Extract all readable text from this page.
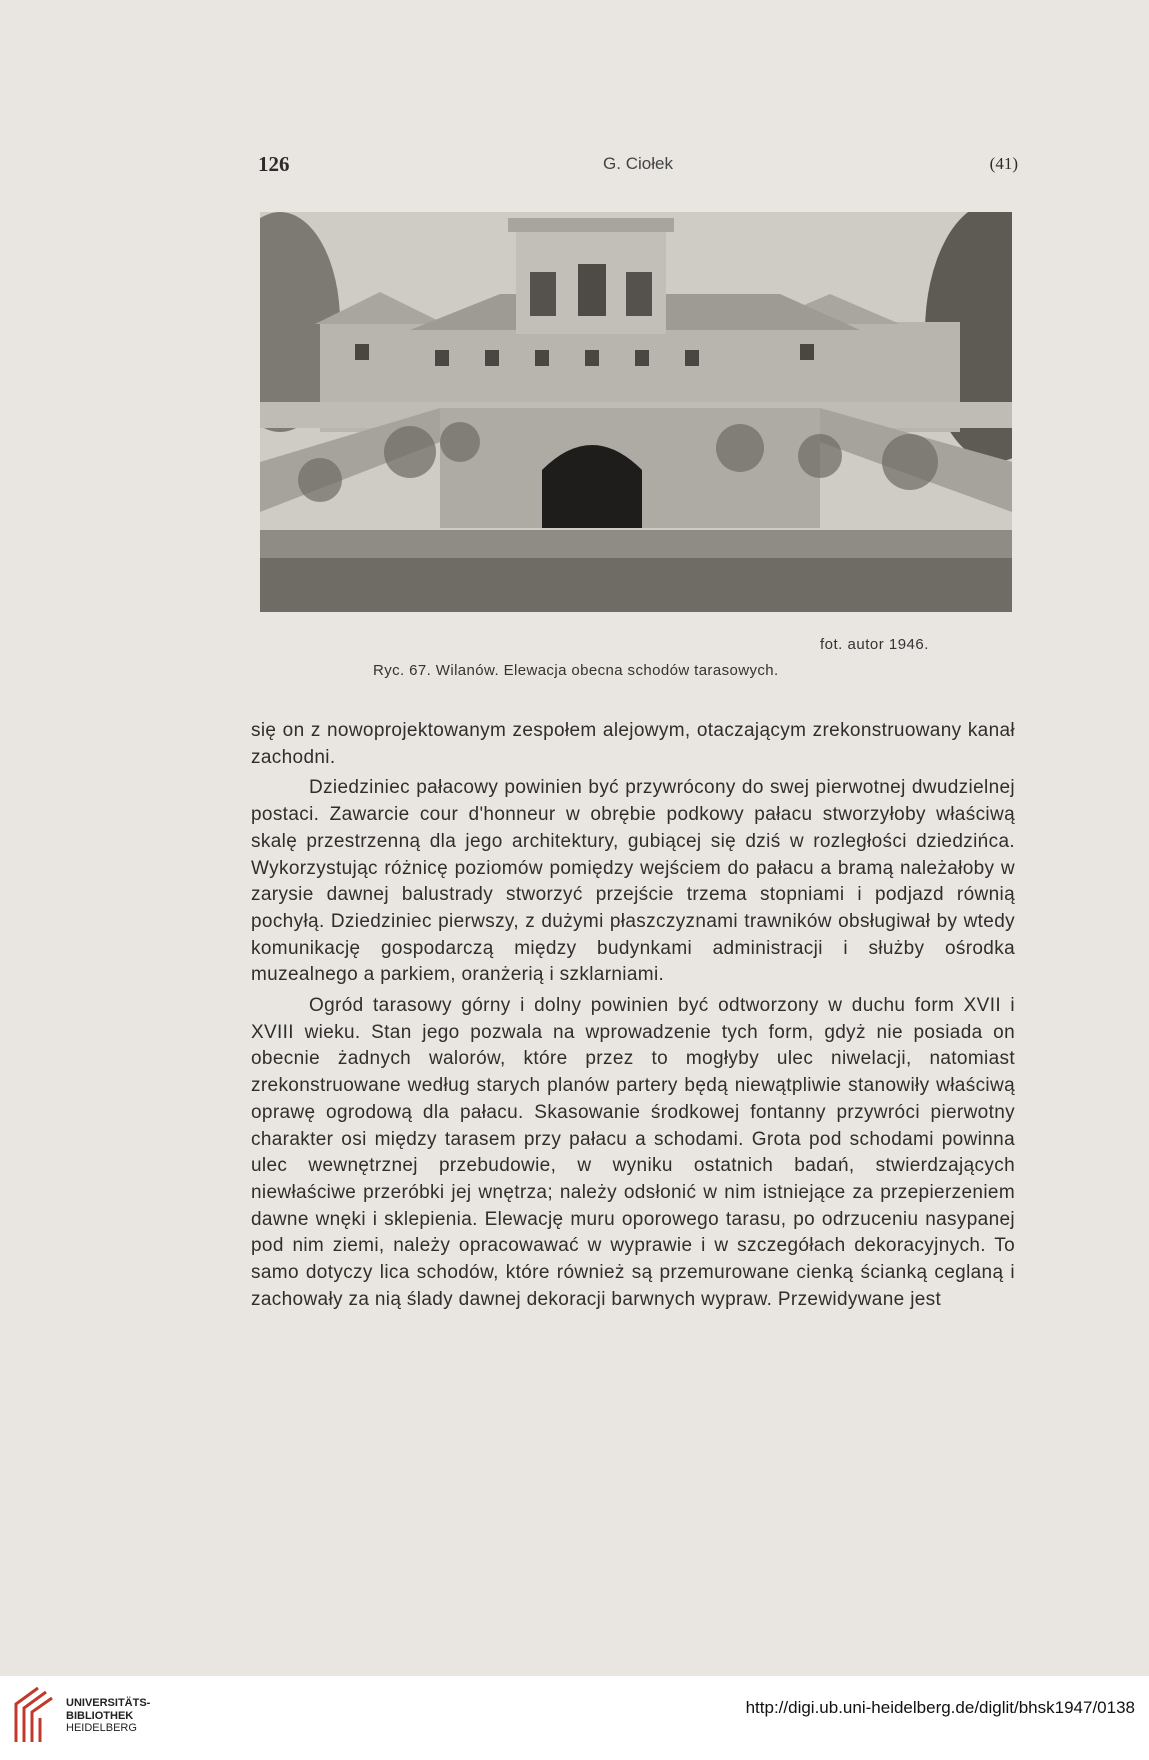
126	G. Ciołek	(41)
fot. autor 1946.
Ryc. 67. Wilanów. Elewacja obecna schodów tarasowych.

się on z nowoprojektowanym zespołem alejowym, otaczającym zrekonstruowany kanał zachodni.

Dziedziniec pałacowy powinien być przywrócony do swej pierwotnej dwudzielnej postaci. Zawarcie cour d'honneur w obrębie podkowy pałacu stworzyłoby właściwą skalę przestrzenną dla jego architektury, gubiącej się dziś w rozległości dziedzińca. Wykorzystując różnicę poziomów pomiędzy wejściem do pałacu a bramą należałoby w zarysie dawnej balustrady stworzyć przejście trzema stopniami i podjazd równią pochyłą. Dziedziniec pierwszy, z dużymi płaszczyznami trawników obsługiwał by wtedy komunikację gospodarczą między budynkami administracji i służby ośrodka muzealnego a parkiem, oranżerią i szklarniami.

Ogród tarasowy górny i dolny powinien być odtworzony w duchu form XVII i XVIII wieku. Stan jego pozwala na wprowadzenie tych form, gdyż nie posiada on obecnie żadnych walorów, które przez to mogłyby ulec niwelacji, natomiast zrekonstruowane według starych planów partery będą niewątpliwie stanowiły właściwą oprawę ogrodową dla pałacu. Skasowanie środkowej fontanny przywróci pierwotny charakter osi między tarasem przy pałacu a schodami. Grota pod schodami powinna ulec wewnętrznej przebudowie, w wyniku ostatnich badań, stwierdzających niewłaściwe przeróbki jej wnętrza; należy odsłonić w nim istniejące za przepierzeniem dawne wnęki i sklepienia. Elewację muru oporowego tarasu, po odrzuceniu nasypanej pod nim ziemi, należy opracowawać w wyprawie i w szczegółach dekoracyjnych. To samo dotyczy lica schodów, które również są przemurowane cienką ścianką ceglaną i zachowały za nią ślady dawnej dekoracji barwnych wypraw. Przewidywane jest

UNIVERSITÄTS-
BIBLIOTHEK
HEIDELBERG
http://digi.ub.uni-heidelberg.de/diglit/bhsk1947/0138
